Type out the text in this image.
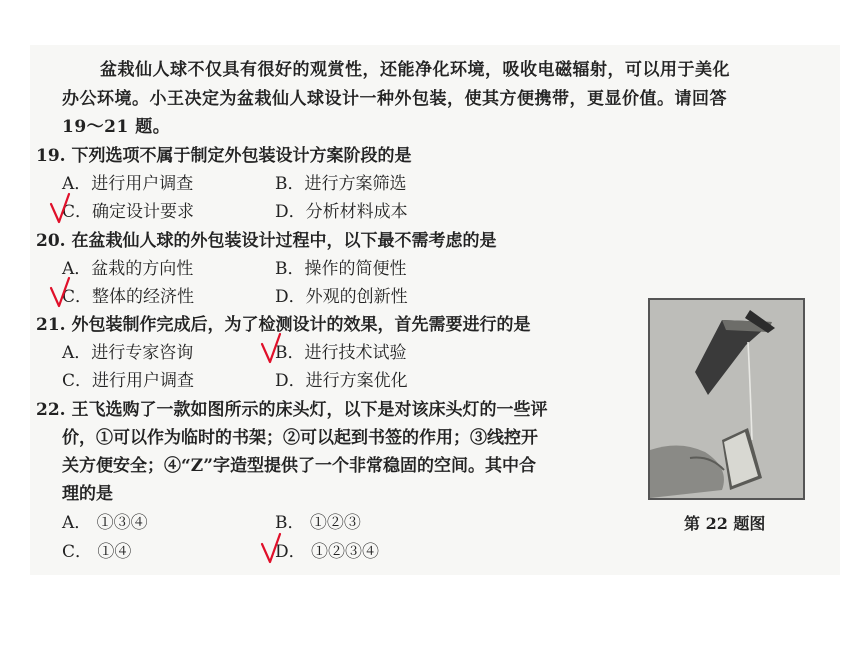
盆栽仙人球不仅具有很好的观赏性，还能净化环境，吸收电磁辐射，可以用于美化
办公环境。小王决定为盆栽仙人球设计一种外包装，使其方便携带，更显价值。请回答
19～21 题。
19. 下列选项不属于制定外包装设计方案阶段的是
A．进行用户调查	B．进行方案筛选
C．确定设计要求	D．分析材料成本
20. 在盆栽仙人球的外包装设计过程中，以下最不需考虑的是
A．盆栽的方向性	B．操作的简便性
C．整体的经济性	D．外观的创新性
21. 外包装制作完成后，为了检测设计的效果，首先需要进行的是
A．进行专家咨询	B．进行技术试验
C．进行用户调查	D．进行方案优化
22. 王飞选购了一款如图所示的床头灯，以下是对该床头灯的一些评
价，①可以作为临时的书架；②可以起到书签的作用；③线控开
关方便安全；④“Z”字造型提供了一个非常稳固的空间。其中合
理的是
A． ①③④	B． ①②③
C． ①④	D． ①②③④
第 22 题图
